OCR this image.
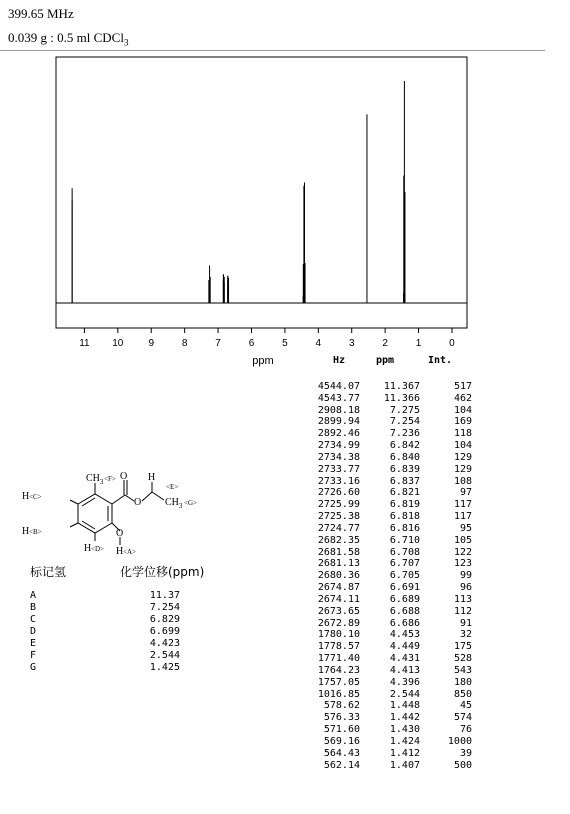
399.65 MHz
0.039 g : 0.5 ml CDCl$_3$
11 10	9	8	7	6	5	4	3	2	1	0
ppm	Hz	ppm	Int.
4544.07	11.367	517
4543.77	11.366	462
2908.18	7.275	104
2899.94	7.254	169
2892.46	7.236	118
2734.99	6.842	104
2734.38	6.840	129
2733.77	6.839	129
2733.16	6.837	108
2726.60	6.821	97
2725.99	6.819	117
2725.38	6.818	117
2724.77	6.816	95
2682.35	6.710	105
2681.58	6.708	122
2681.13	6.707	123
2680.36	6.705	99
2674.87	6.691	96
2674.11	6.689	113
2673.65	6.688	112
2672.89	6.686	91
1780.10	4.453	32
1778.57	4.449	175
1771.40	4.431	528
1764.23	4.413	543
1757.05	4.396	180
1016.85	2.544	850
578.62	1.448	45
576.33	1.442	574
571.60	1.430	76
569.16	1.424	1000
564.43	1.412	39
562.14	1.407	500
$CH_3 <F> O$
O
H
<E>
$CH_3 <G>$
H <C>
H <B>
H <D>
O
H <A>
标记氢	化学位移(ppm)
A	11.37
B	7.254
C	6.829
D	6.699
E	4.423
F	2.544
G	1.425
